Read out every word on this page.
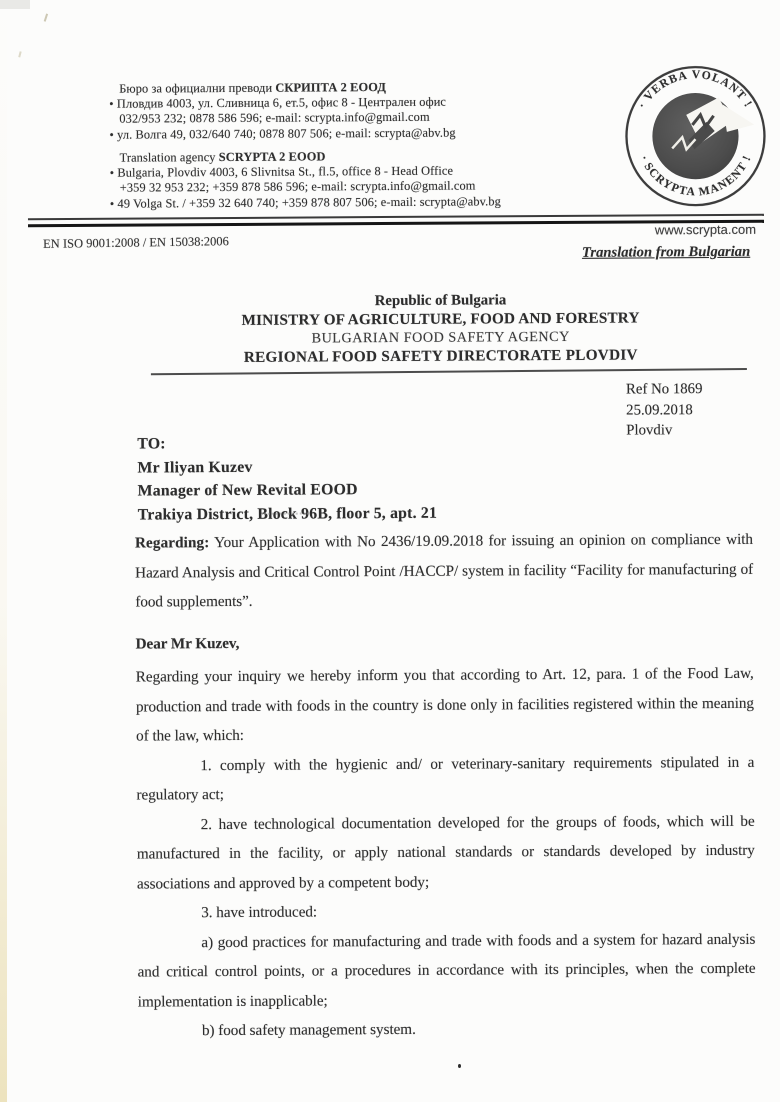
Бюро за официални преводи СКРИПТА 2 ЕООД
• Пловдив 4003, ул. Сливница 6, ет.5, офис 8 - Централен офис
032/953 232; 0878 586 596; e-mail: scrypta.info@gmail.com
• ул. Волга 49, 032/640 740; 0878 807 506; e-mail: scrypta@abv.bg
Translation agency SCRYPTA 2 EOOD
• Bulgaria, Plovdiv 4003, 6 Slivnitsa St., fl.5, office 8 - Head Office
+359 32 953 232; +359 878 586 596; e-mail: scrypta.info@gmail.com
• 49 Volga St. / +359 32 640 740; +359 878 807 506; e-mail: scrypta@abv.bg
· VERBA VOLANT !
· SCRYPTA MANENT !
www.scrypta.com
EN ISO 9001:2008 / EN 15038:2006
Translation from Bulgarian
Republic of Bulgaria
MINISTRY OF AGRICULTURE, FOOD AND FORESTRY
BULGARIAN FOOD SAFETY AGENCY
REGIONAL FOOD SAFETY DIRECTORATE PLOVDIV
Ref No 1869
25.09.2018
Plovdiv
TO:
Mr Iliyan Kuzev
Manager of New Revital EOOD
Trakiya District, Block 96B, floor 5, apt. 21

Regarding: Your Application with No 2436/19.09.2018 for issuing an opinion on compliance with Hazard Analysis and Critical Control Point /HACCP/ system in facility “Facility for manufacturing of food supplements”.

Dear Mr Kuzev,

Regarding your inquiry we hereby inform you that according to Art. 12, para. 1 of the Food Law, production and trade with foods in the country is done only in facilities registered within the meaning of the law, which:

1. comply with the hygienic and/ or veterinary-sanitary requirements stipulated in a regulatory act;

2. have technological documentation developed for the groups of foods, which will be manufactured in the facility, or apply national standards or standards developed by industry associations and approved by a competent body;

3. have introduced:

a) good practices for manufacturing and trade with foods and a system for hazard analysis and critical control points, or a procedures in accordance with its principles, when the complete implementation is inapplicable;

b) food safety management system.
